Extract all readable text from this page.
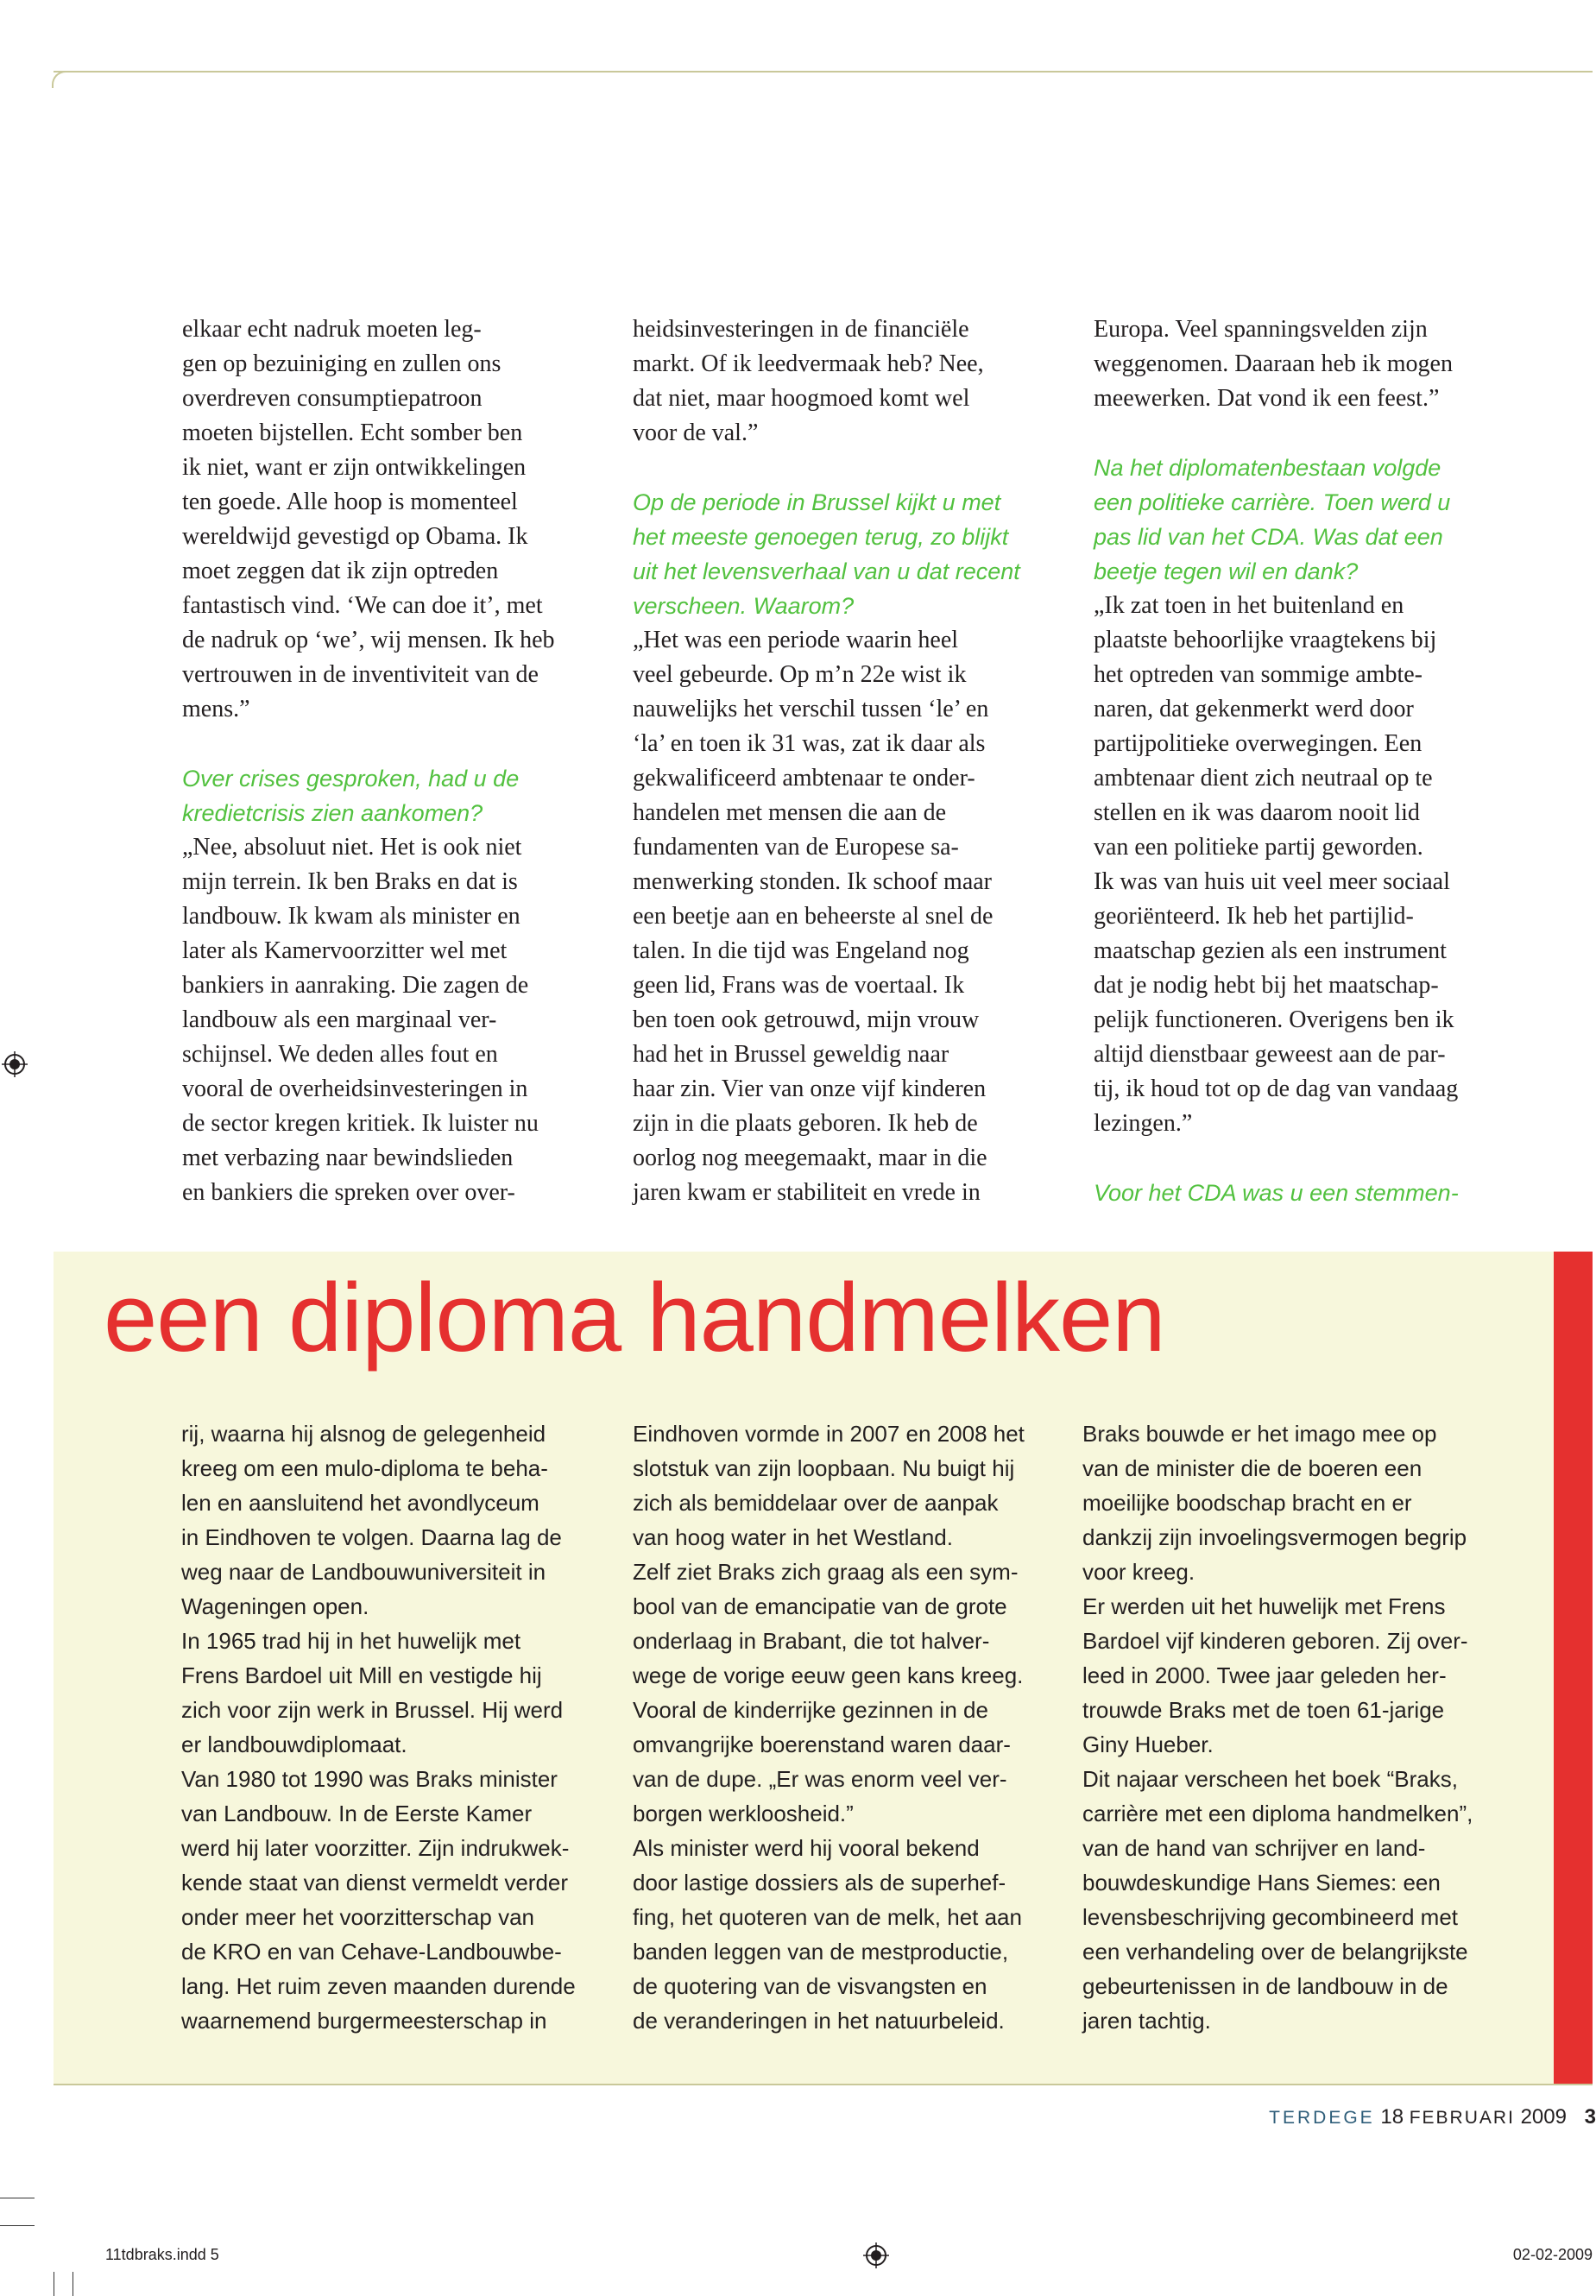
elkaar echt nadruk moeten leg-
gen op bezuiniging en zullen ons
overdreven consumptiepatroon
moeten bijstellen. Echt somber ben
ik niet, want er zijn ontwikkelingen
ten goede. Alle hoop is momenteel
wereldwijd gevestigd op Obama. Ik
moet zeggen dat ik zijn optreden
fantastisch vind. ‘We can doe it’, met
de nadruk op ‘we’, wij mensen. Ik heb
vertrouwen in de inventiviteit van de
mens.”

Over crises gesproken, had u de
kredietcrisis zien aankomen?

„Nee, absoluut niet. Het is ook niet
mijn terrein. Ik ben Braks en dat is
landbouw. Ik kwam als minister en
later als Kamervoorzitter wel met
bankiers in aanraking. Die zagen de
landbouw als een marginaal ver-
schijnsel. We deden alles fout en
vooral de overheidsinvesteringen in
de sector kregen kritiek. Ik luister nu
met verbazing naar bewindslieden
en bankiers die spreken over over-

heidsinvesteringen in de financiële
markt. Of ik leedvermaak heb? Nee,
dat niet, maar hoogmoed komt wel
voor de val.”

Op de periode in Brussel kijkt u met
het meeste genoegen terug, zo blijkt
uit het levensverhaal van u dat recent
verscheen. Waarom?

„Het was een periode waarin heel
veel gebeurde. Op m’n 22e wist ik
nauwelijks het verschil tussen ‘le’ en
‘la’ en toen ik 31 was, zat ik daar als
gekwalificeerd ambtenaar te onder-
handelen met mensen die aan de
fundamenten van de Europese sa-
menwerking stonden. Ik schoof maar
een beetje aan en beheerste al snel de
talen. In die tijd was Engeland nog
geen lid, Frans was de voertaal. Ik
ben toen ook getrouwd, mijn vrouw
had het in Brussel geweldig naar
haar zin. Vier van onze vijf kinderen
zijn in die plaats geboren. Ik heb de
oorlog nog meegemaakt, maar in die
jaren kwam er stabiliteit en vrede in

Europa. Veel spanningsvelden zijn
weggenomen. Daaraan heb ik mogen
meewerken. Dat vond ik een feest.”

Na het diplomatenbestaan volgde
een politieke carrière. Toen werd u
pas lid van het CDA. Was dat een
beetje tegen wil en dank?

„Ik zat toen in het buitenland en
plaatste behoorlijke vraagtekens bij
het optreden van sommige ambte-
naren, dat gekenmerkt werd door
partijpolitieke overwegingen. Een
ambtenaar dient zich neutraal op te
stellen en ik was daarom nooit lid
van een politieke partij geworden.
Ik was van huis uit veel meer sociaal
georiënteerd. Ik heb het partijlid-
maatschap gezien als een instrument
dat je nodig hebt bij het maatschap-
pelijk functioneren. Overigens ben ik
altijd dienstbaar geweest aan de par-
tij, ik houd tot op de dag van vandaag
lezingen.”

Voor het CDA was u een stemmen-

een diploma handmelken

rij, waarna hij alsnog de gelegenheid
kreeg om een mulo-diploma te beha-
len en aansluitend het avondlyceum
in Eindhoven te volgen. Daarna lag de
weg naar de Landbouwuniversiteit in
Wageningen open.
In 1965 trad hij in het huwelijk met
Frens Bardoel uit Mill en vestigde hij
zich voor zijn werk in Brussel. Hij werd
er landbouwdiplomaat.
Van 1980 tot 1990 was Braks minister
van Landbouw. In de Eerste Kamer
werd hij later voorzitter. Zijn indrukwek-
kende staat van dienst vermeldt verder
onder meer het voorzitterschap van
de KRO en van Cehave-Landbouwbe-
lang. Het ruim zeven maanden durende
waarnemend burgermeesterschap in

Eindhoven vormde in 2007 en 2008 het
slotstuk van zijn loopbaan. Nu buigt hij
zich als bemiddelaar over de aanpak
van hoog water in het Westland.
Zelf ziet Braks zich graag als een sym-
bool van de emancipatie van de grote
onderlaag in Brabant, die tot halver-
wege de vorige eeuw geen kans kreeg.
Vooral de kinderrijke gezinnen in de
omvangrijke boerenstand waren daar-
van de dupe. „Er was enorm veel ver-
borgen werkloosheid.”
Als minister werd hij vooral bekend
door lastige dossiers als de superhef-
fing, het quoteren van de melk, het aan
banden leggen van de mestproductie,
de quotering van de visvangsten en
de veranderingen in het natuurbeleid.

Braks bouwde er het imago mee op
van de minister die de boeren een
moeilijke boodschap bracht en er
dankzij zijn invoelingsvermogen begrip
voor kreeg.
Er werden uit het huwelijk met Frens
Bardoel vijf kinderen geboren. Zij over-
leed in 2000. Twee jaar geleden her-
trouwde Braks met de toen 61-jarige
Giny Hueber.
Dit najaar verscheen het boek “Braks,
carrière met een diploma handmelken”,
van de hand van schrijver en land-
bouwdeskundige Hans Siemes: een
levensbeschrijving gecombineerd met
een verhandeling over de belangrijkste
gebeurtenissen in de landbouw in de
jaren tachtig.

TERDEGE 18 FEBRUARI 2009 3
11tdbraks.indd 5	02-02-2009
